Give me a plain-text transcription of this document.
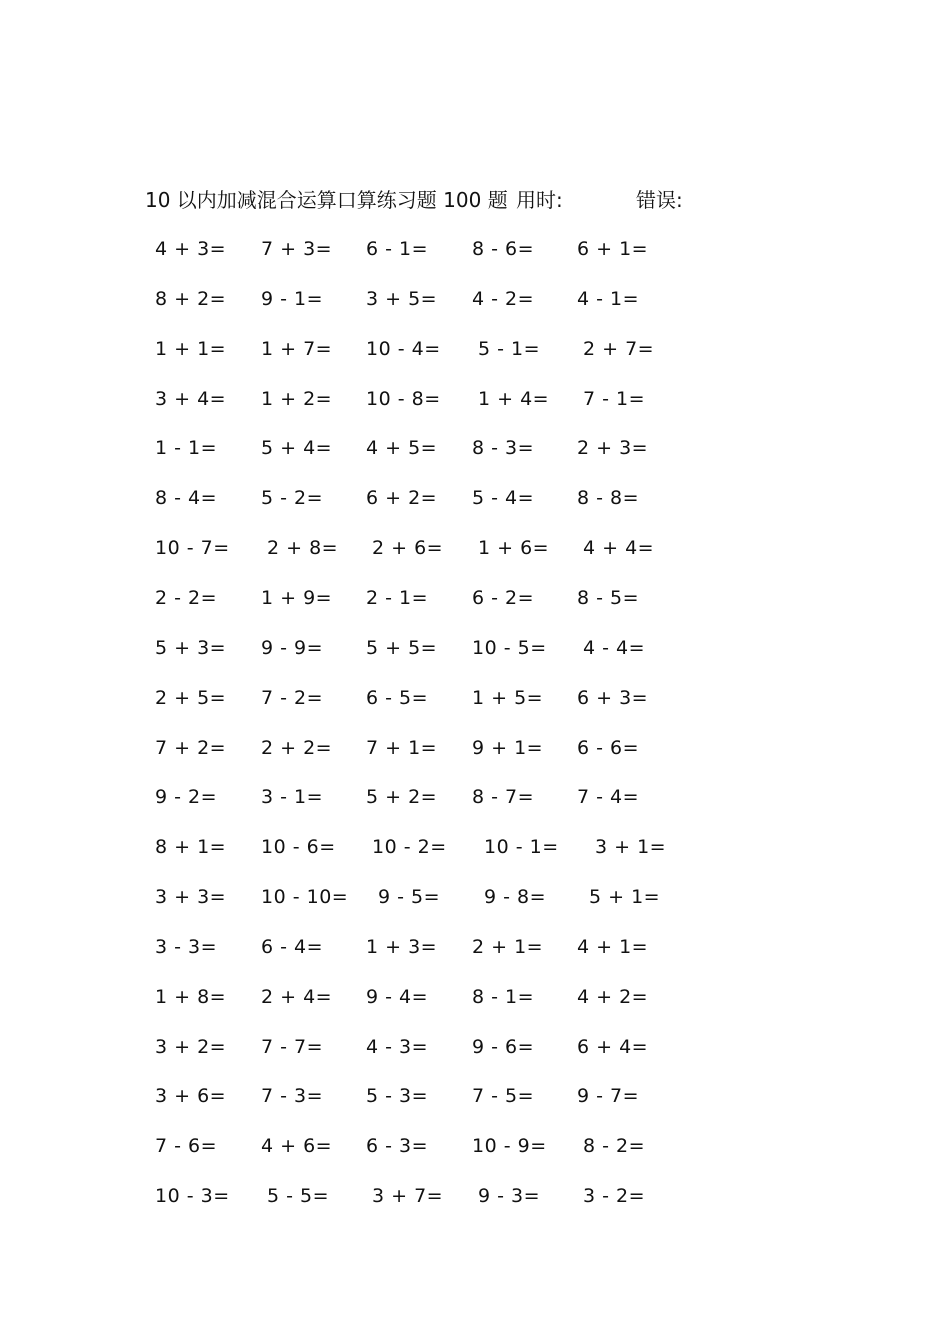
10 以内加减混合运算口算练习题 100 题 用时:	错误:
4 + 3=	7 + 3=	6 - 1=	8 - 6=	6 + 1=
8 + 2=	9 - 1=	3 + 5=	4 - 2=	4 - 1=
1 + 1=	1 + 7=	10 - 4=	5 - 1=	2 + 7=
3 + 4=	1 + 2=	10 - 8=	1 + 4=	7 - 1=
1 - 1=	5 + 4=	4 + 5=	8 - 3=	2 + 3=
8 - 4=	5 - 2=	6 + 2=	5 - 4=	8 - 8=
10 - 7=	2 + 8=	2 + 6=	1 + 6=	4 + 4=
2 - 2=	1 + 9=	2 - 1=	6 - 2=	8 - 5=
5 + 3=	9 - 9=	5 + 5=	10 - 5=	4 - 4=
2 + 5=	7 - 2=	6 - 5=	1 + 5=	6 + 3=
7 + 2=	2 + 2=	7 + 1=	9 + 1=	6 - 6=
9 - 2=	3 - 1=	5 + 2=	8 - 7=	7 - 4=
8 + 1=	10 - 6=	10 - 2=	10 - 1=	3 + 1=
3 + 3=	10 - 10= 9 - 5=	9 - 8=	5 + 1=
3 - 3=	6 - 4=	1 + 3=	2 + 1=	4 + 1=
1 + 8=	2 + 4=	9 - 4=	8 - 1=	4 + 2=
3 + 2=	7 - 7=	4 - 3=	9 - 6=	6 + 4=
3 + 6=	7 - 3=	5 - 3=	7 - 5=	9 - 7=
7 - 6=	4 + 6=	6 - 3=	10 - 9=	8 - 2=
10 - 3=	5 - 5=	3 + 7=	9 - 3=	3 - 2=
